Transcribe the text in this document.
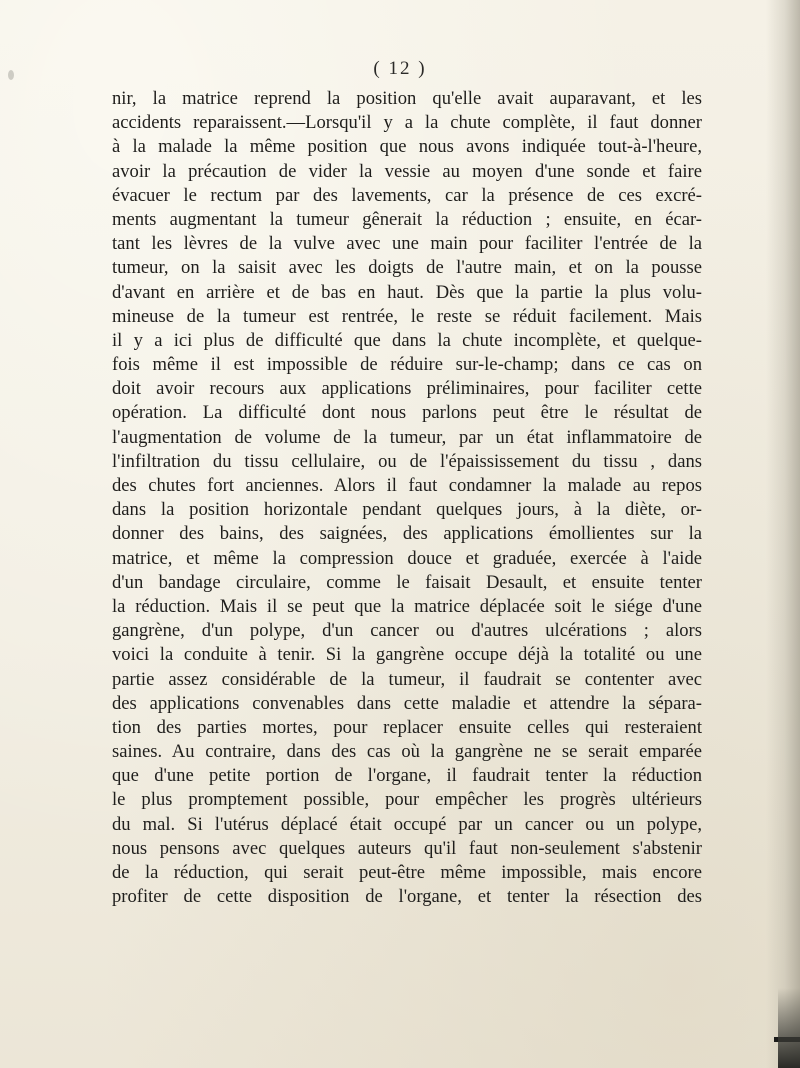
( 12 )
nir, la matrice reprend la position qu'elle avait auparavant, et les
accidents reparaissent.—Lorsqu'il y a la chute complète, il faut donner
à la malade la même position que nous avons indiquée tout-à-l'heure,
avoir la précaution de vider la vessie au moyen d'une sonde et faire
évacuer le rectum par des lavements, car la présence de ces excré-
ments augmentant la tumeur gênerait la réduction ; ensuite, en écar-
tant les lèvres de la vulve avec une main pour faciliter l'entrée de la
tumeur, on la saisit avec les doigts de l'autre main, et on la pousse
d'avant en arrière et de bas en haut. Dès que la partie la plus volu-
mineuse de la tumeur est rentrée, le reste se réduit facilement. Mais
il y a ici plus de difficulté que dans la chute incomplète, et quelque-
fois même il est impossible de réduire sur-le-champ; dans ce cas on
doit avoir recours aux applications préliminaires, pour faciliter cette
opération. La difficulté dont nous parlons peut être le résultat de
l'augmentation de volume de la tumeur, par un état inflammatoire de
l'infiltration du tissu cellulaire, ou de l'épaississement du tissu , dans
des chutes fort anciennes. Alors il faut condamner la malade au repos
dans la position horizontale pendant quelques jours, à la diète, or-
donner des bains, des saignées, des applications émollientes sur la
matrice, et même la compression douce et graduée, exercée à l'aide
d'un bandage circulaire, comme le faisait Desault, et ensuite tenter
la réduction. Mais il se peut que la matrice déplacée soit le siége d'une
gangrène, d'un polype, d'un cancer ou d'autres ulcérations ; alors
voici la conduite à tenir. Si la gangrène occupe déjà la totalité ou une
partie assez considérable de la tumeur, il faudrait se contenter avec
des applications convenables dans cette maladie et attendre la sépara-
tion des parties mortes, pour replacer ensuite celles qui resteraient
saines. Au contraire, dans des cas où la gangrène ne se serait emparée
que d'une petite portion de l'organe, il faudrait tenter la réduction
le plus promptement possible, pour empêcher les progrès ultérieurs
du mal. Si l'utérus déplacé était occupé par un cancer ou un polype,
nous pensons avec quelques auteurs qu'il faut non-seulement s'abstenir
de la réduction, qui serait peut-être même impossible, mais encore
profiter de cette disposition de l'organe, et tenter la résection des
